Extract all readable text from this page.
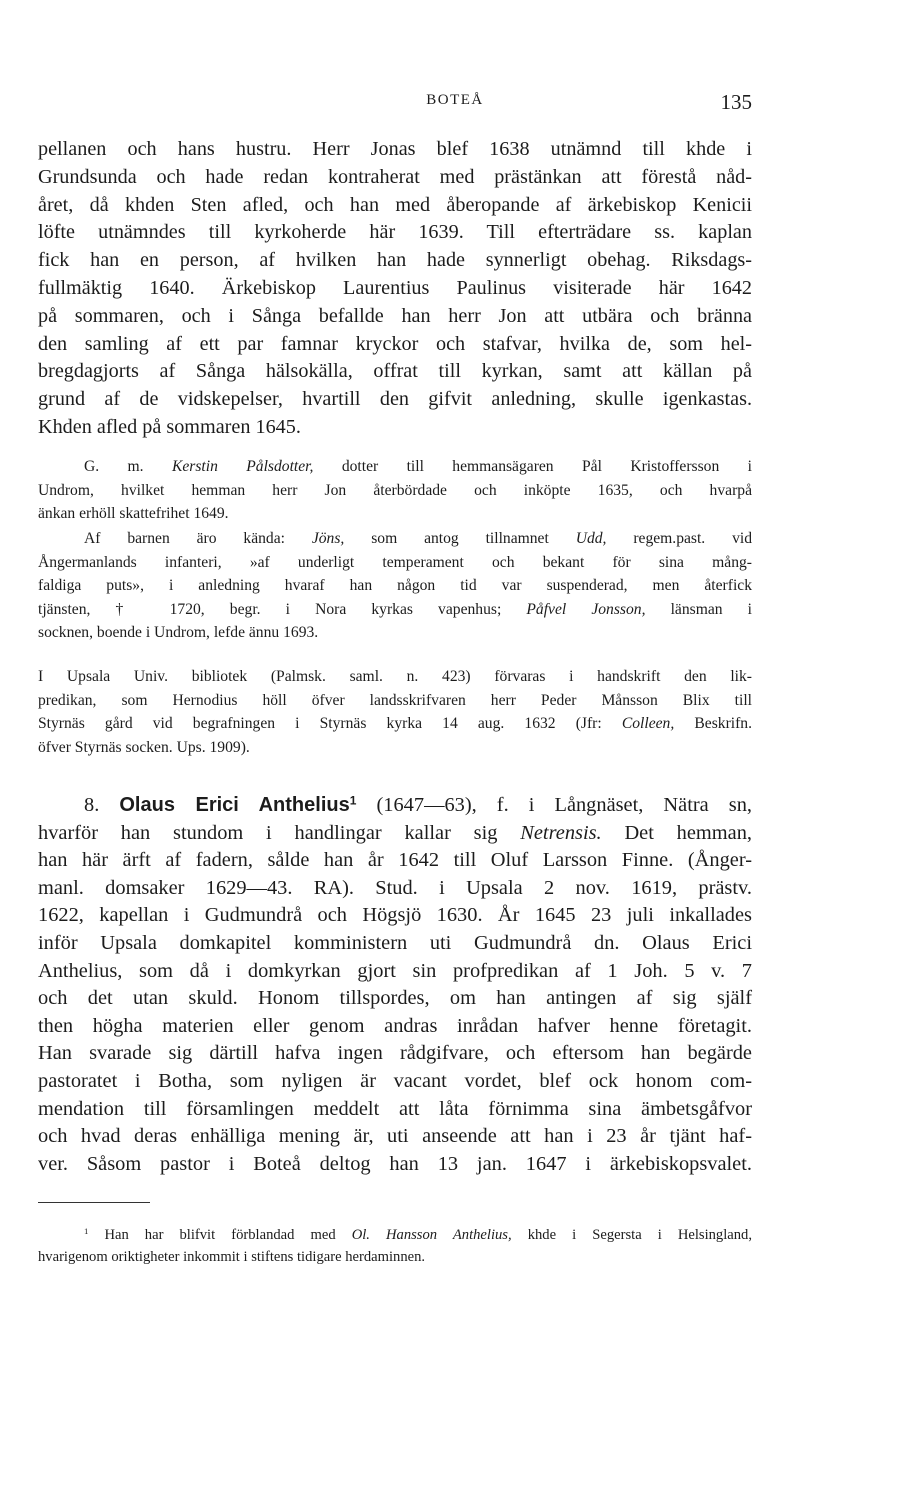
BOTEÅ	135
pellanen och hans hustru. Herr Jonas blef 1638 utnämnd till khde i
Grundsunda och hade redan kontraherat med prästänkan att förestå nåd-
året, då khden Sten afled, och han med åberopande af ärkebiskop Kenicii
löfte utnämndes till kyrkoherde här 1639. Till efterträdare ss. kaplan
fick han en person, af hvilken han hade synnerligt obehag. Riksdags-
fullmäktig 1640. Ärkebiskop Laurentius Paulinus visiterade här 1642
på sommaren, och i Sånga befallde han herr Jon att utbära och bränna
den samling af ett par famnar kryckor och stafvar, hvilka de, som hel-
bregdagjorts af Sånga hälsokälla, offrat till kyrkan, samt att källan på
grund af de vidskepelser, hvartill den gifvit anledning, skulle igenkastas.
Khden afled på sommaren 1645.
G. m. Kerstin Pålsdotter, dotter till hemmansägaren Pål Kristoffersson i
Undrom, hvilket hemman herr Jon återbördade och inköpte 1635, och hvarpå
änkan erhöll skattefrihet 1649.
Af barnen äro kända: Jöns, som antog tillnamnet Udd, regem.past. vid
Ångermanlands infanteri, »af underligt temperament och bekant för sina mång-
faldiga puts», i anledning hvaraf han någon tid var suspenderad, men återfick
tjänsten, † 1720, begr. i Nora kyrkas vapenhus; Påfvel Jonsson, länsman i
socknen, boende i Undrom, lefde ännu 1693.
I Upsala Univ. bibliotek (Palmsk. saml. n. 423) förvaras i handskrift den lik-
predikan, som Hernodius höll öfver landsskrifvaren herr Peder Månsson Blix till
Styrnäs gård vid begrafningen i Styrnäs kyrka 14 aug. 1632 (Jfr: Colleen, Beskrifn.
öfver Styrnäs socken. Ups. 1909).
8. Olaus Erici Anthelius$^1$ (1647—63), f. i Långnäset, Nätra sn,
hvarför han stundom i handlingar kallar sig Netrensis. Det hemman,
han här ärft af fadern, sålde han år 1642 till Oluf Larsson Finne. (Ånger-
manl. domsaker 1629—43. RA). Stud. i Upsala 2 nov. 1619, prästv.
1622, kapellan i Gudmundrå och Högsjö 1630. År 1645 23 juli inkallades
inför Upsala domkapitel komministern uti Gudmundrå dn. Olaus Erici
Anthelius, som då i domkyrkan gjort sin profpredikan af 1 Joh. 5 v. 7
och det utan skuld. Honom tillspordes, om han antingen af sig själf
then högha materien eller genom andras inrådan hafver henne företagit.
Han svarade sig därtill hafva ingen rådgifvare, och eftersom han begärde
pastoratet i Botha, som nyligen är vacant vordet, blef ock honom com-
mendation till församlingen meddelt att låta förnimma sina ämbetsgåfvor
och hvad deras enhälliga mening är, uti anseende att han i 23 år tjänt haf-
ver. Såsom pastor i Boteå deltog han 13 jan. 1647 i ärkebiskopsvalet.
$^1$ Han har blifvit förblandad med Ol. Hansson Anthelius, khde i Segersta i Helsingland,
hvarigenom oriktigheter inkommit i stiftens tidigare herdaminnen.
